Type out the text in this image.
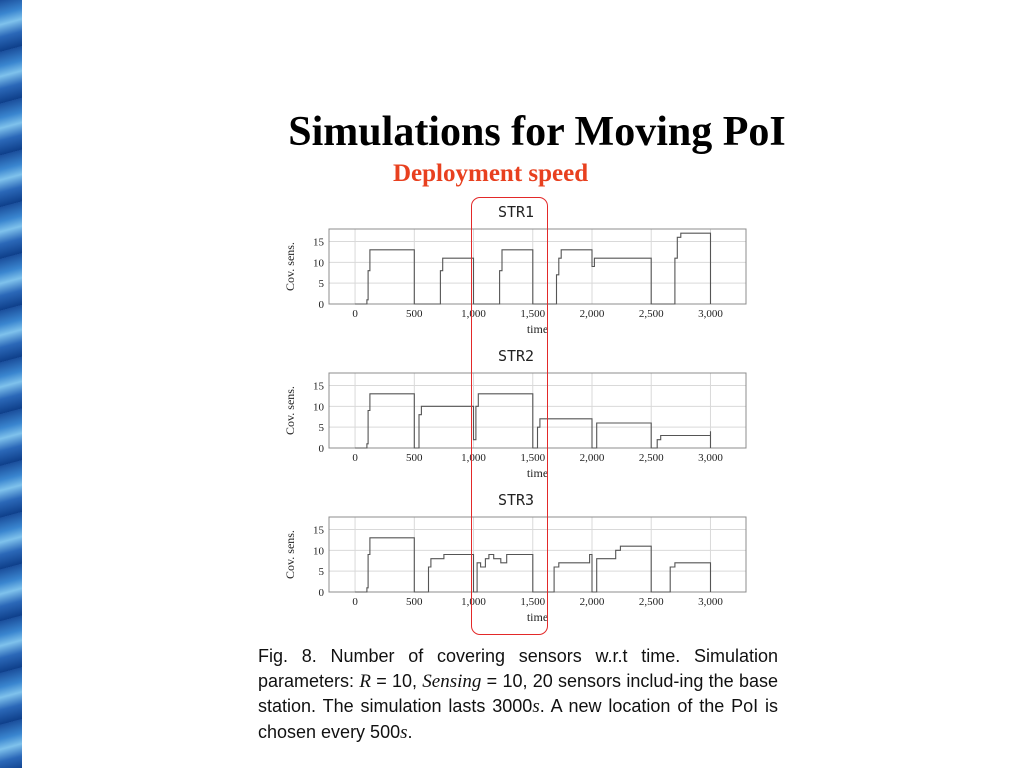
Simulations for Moving PoI
Deployment speed
0	500	1,000	1,500	2,000	2,500	3,000
0
5
10
15
time
Cov. sens.
STR1
0	500	1,000	1,500	2,000	2,500	3,000
0
5
10
15
time
Cov. sens.
STR2
0	500	1,000	1,500	2,000	2,500	3,000
0
5
10
15
time
Cov. sens.
STR3
Fig. 8. Number of covering sensors w.r.t time. Simulation parameters: R = 10, Sensing = 10, 20 sensors includ-ing the base station. The simulation lasts 3000s. A new location of the PoI is chosen every 500s.
